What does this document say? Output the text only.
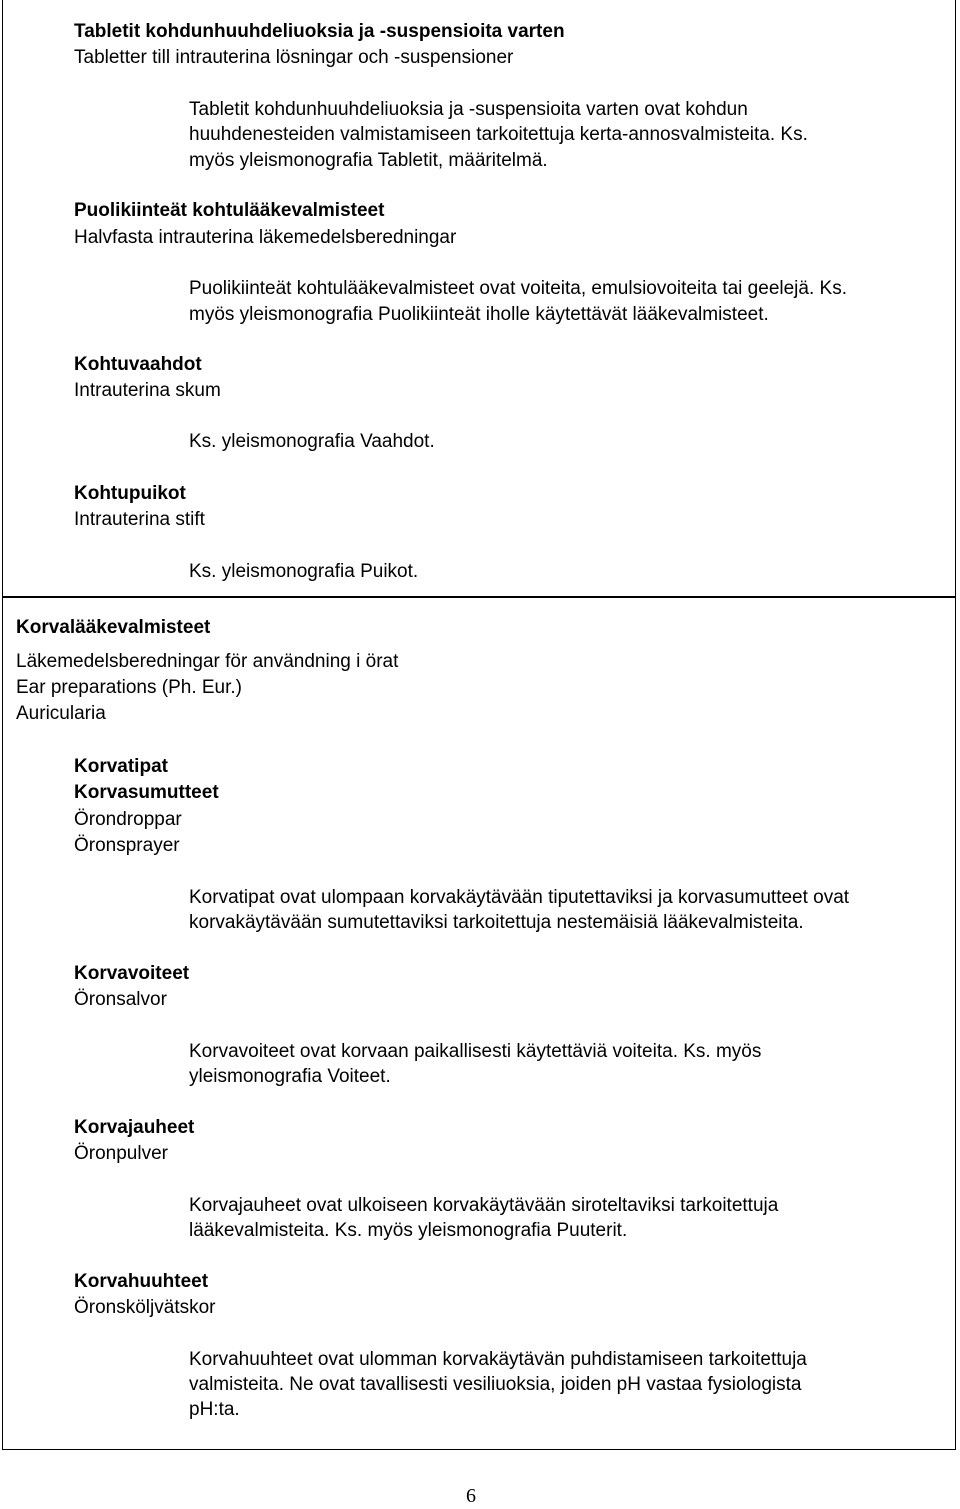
Tabletit kohdunhuuhdeliuoksia ja -suspensioita varten
Tabletter till intrauterina lösningar och -suspensioner
Tabletit kohdunhuuhdeliuoksia ja -suspensioita varten ovat kohdun
huuhdenesteiden valmistamiseen tarkoitettuja kerta-annosvalmisteita. Ks.
myös yleismonografia Tabletit, määritelmä.
Puolikiinteät kohtulääkevalmisteet
Halvfasta intrauterina läkemedelsberedningar
Puolikiinteät kohtulääkevalmisteet ovat voiteita, emulsiovoiteita tai geelejä. Ks.
myös yleismonografia Puolikiinteät iholle käytettävät lääkevalmisteet.
Kohtuvaahdot
Intrauterina skum
Ks. yleismonografia Vaahdot.
Kohtupuikot
Intrauterina stift
Ks. yleismonografia Puikot.
Korvalääkevalmisteet
Läkemedelsberedningar för användning i örat
Ear preparations (Ph. Eur.)
Auricularia
Korvatipat
Korvasumutteet
Örondroppar
Öronsprayer
Korvatipat ovat ulompaan korvakäytävään tiputettaviksi ja korvasumutteet ovat
korvakäytävään sumutettaviksi tarkoitettuja nestemäisiä lääkevalmisteita.
Korvavoiteet
Öronsalvor
Korvavoiteet ovat korvaan paikallisesti käytettäviä voiteita. Ks. myös
yleismonografia Voiteet.
Korvajauheet
Öronpulver
Korvajauheet ovat ulkoiseen korvakäytävään siroteltaviksi tarkoitettuja
lääkevalmisteita. Ks. myös yleismonografia Puuterit.
Korvahuuhteet
Öronsköljvätskor
Korvahuuhteet ovat ulomman korvakäytävän puhdistamiseen tarkoitettuja
valmisteita. Ne ovat tavallisesti vesiliuoksia, joiden pH vastaa fysiologista
pH:ta.
6
